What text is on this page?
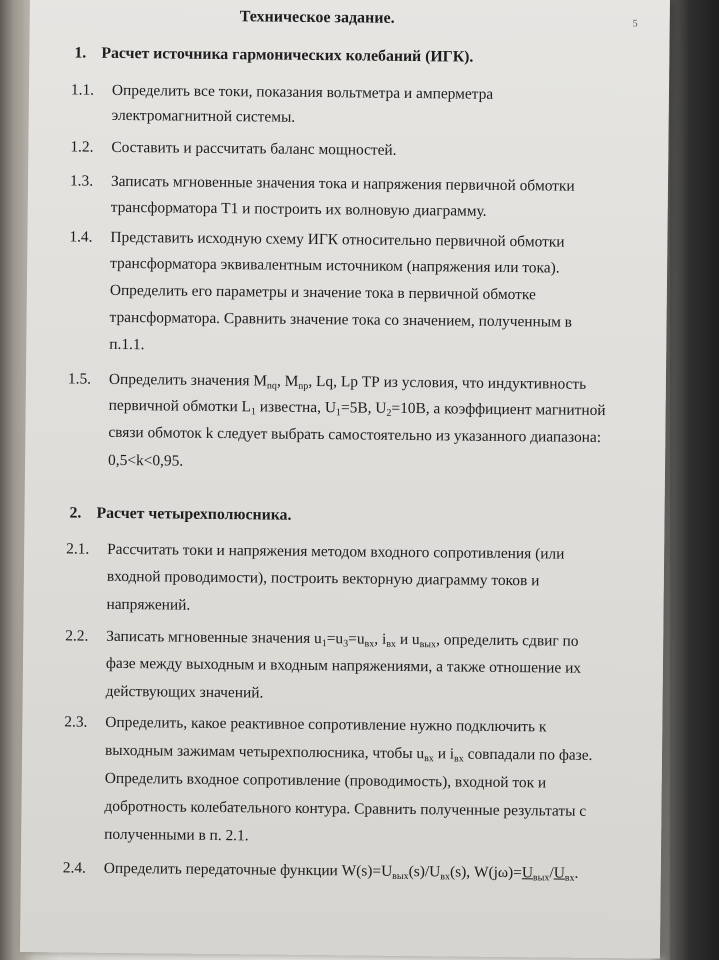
Техническое задание.	5
1. Расчет источника гармонических колебаний (ИГК).
1.1. Определить все токи, показания вольтметра и амперметра
электромагнитной системы.
1.2. Составить и рассчитать баланс мощностей.
1.3. Записать мгновенные значения тока и напряжения первичной обмотки
трансформатора Т1 и построить их волновую диаграмму.
1.4. Представить исходную схему ИГК относительно первичной обмотки
трансформатора эквивалентным источником (напряжения или тока).
Определить его параметры и значение тока в первичной обмотке
трансформатора. Сравнить значение тока со значением, полученным в
п.1.1.
1.5. Определить значения $M_{nq}$, $M_{np}$, Lq, Lp ТР из условия, что индуктивность
первичной обмотки $L_1$ известна, $U_1=5В$, $U_2=10В$, а коэффициент магнитной
связи обмоток k следует выбрать самостоятельно из указанного диапазона:
0,5<k<0,95.
2. Расчет четырехполюсника.
2.1. Рассчитать токи и напряжения методом входного сопротивления (или
входной проводимости), построить векторную диаграмму токов и
напряжений.
2.2. Записать мгновенные значения $u_1=u_3=u_{вх}$, $i_{вх}$ и $u_{вых}$, определить сдвиг по
фазе между выходным и входным напряжениями, а также отношение их
действующих значений.
2.3. Определить, какое реактивное сопротивление нужно подключить к
выходным зажимам четырехполюсника, чтобы $u_{вх}$ и $i_{вх}$ совпадали по фазе.
Определить входное сопротивление (проводимость), входной ток и
добротность колебательного контура. Сравнить полученные результаты с
полученными в п. 2.1.
2.4. Определить передаточные функции $W(s)=U_{вых}(s)/U_{вх}(s)$, $W(j\omega)=U_{вых}/U_{вх}$.
